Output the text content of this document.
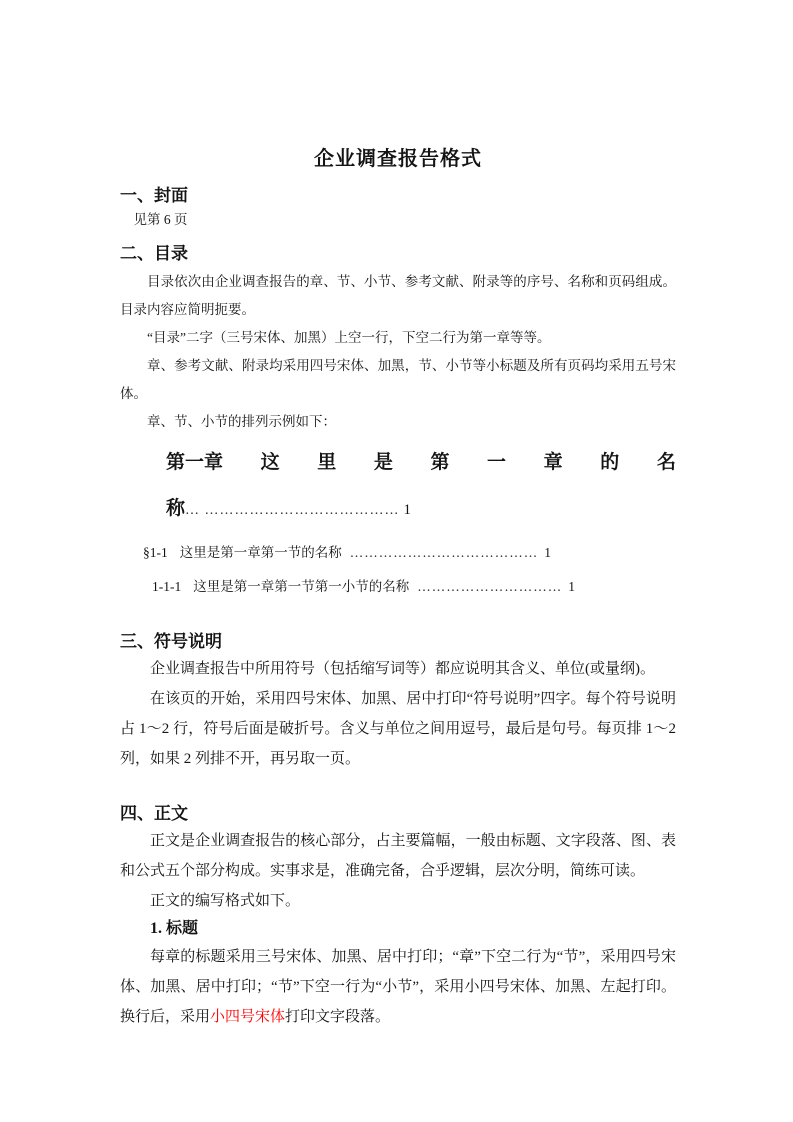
企业调查报告格式
一、封面
见第 6 页
二、目录
目录依次由企业调查报告的章、节、小节、参考文献、附录等的序号、名称和页码组成。目录内容应简明扼要。
“目录”二字（三号宋体、加黑）上空一行，下空二行为第一章等等。
章、参考文献、附录均采用四号宋体、加黑，节、小节等小标题及所有页码均采用五号宋体。
章、节、小节的排列示例如下：
第一章 这 里 是 第 一 章 的 名
称… ………………………………… 1
§1-1 这里是第一章第一节的名称 ………………………………… 1
1-1-1 这里是第一章第一节第一小节的名称 ………………………… 1
三、符号说明
企业调查报告中所用符号（包括缩写词等）都应说明其含义、单位(或量纲)。
在该页的开始，采用四号宋体、加黑、居中打印“符号说明”四字。每个符号说明占 1～2 行，符号后面是破折号。含义与单位之间用逗号，最后是句号。每页排 1～2 列，如果 2 列排不开，再另取一页。
四、正文
正文是企业调查报告的核心部分，占主要篇幅，一般由标题、文字段落、图、表和公式五个部分构成。实事求是，准确完备，合乎逻辑，层次分明，简练可读。
正文的编写格式如下。
1. 标题
每章的标题采用三号宋体、加黑、居中打印；“章”下空二行为“节”，采用四号宋体、加黑、居中打印；“节”下空一行为“小节”，采用小四号宋体、加黑、左起打印。换行后，采用小四号宋体打印文字段落。
